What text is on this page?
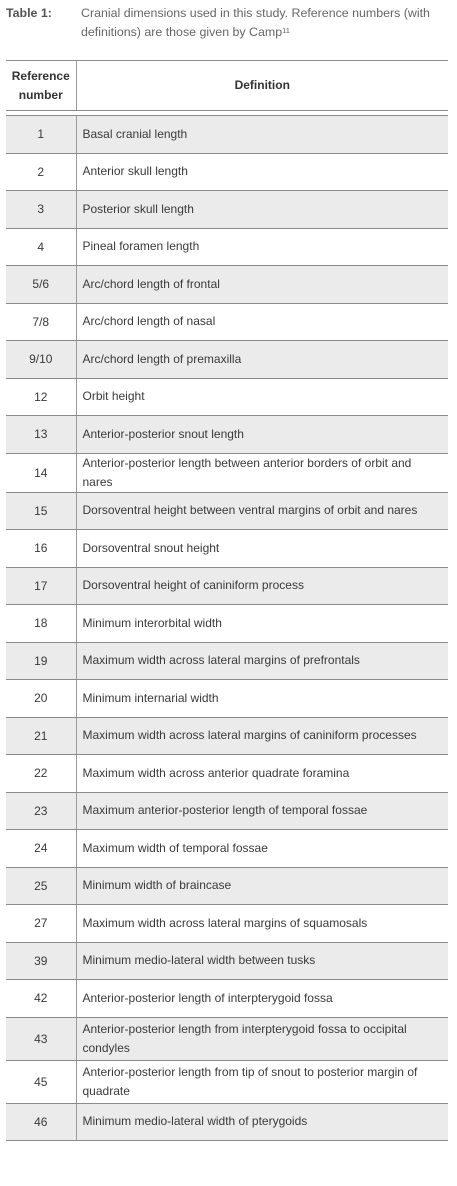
Table 1: Cranial dimensions used in this study. Reference numbers (with definitions) are those given by Camp$^{11}$
Reference number	Definition

1	Basal cranial length
2	Anterior skull length
3	Posterior skull length
4	Pineal foramen length
5/6	Arc/chord length of frontal
7/8	Arc/chord length of nasal
9/10	Arc/chord length of premaxilla
12	Orbit height
13	Anterior-posterior snout length
14	Anterior-posterior length between anterior borders of orbit and nares
15	Dorsoventral height between ventral margins of orbit and nares
16	Dorsoventral snout height
17	Dorsoventral height of caniniform process
18	Minimum interorbital width
19	Maximum width across lateral margins of prefrontals
20	Minimum internarial width
21	Maximum width across lateral margins of caniniform processes
22	Maximum width across anterior quadrate foramina
23	Maximum anterior-posterior length of temporal fossae
24	Maximum width of temporal fossae
25	Minimum width of braincase
27	Maximum width across lateral margins of squamosals
39	Minimum medio-lateral width between tusks
42	Anterior-posterior length of interpterygoid fossa
43	Anterior-posterior length from interpterygoid fossa to occipital condyles
45	Anterior-posterior length from tip of snout to posterior margin of quadrate
46	Minimum medio-lateral width of pterygoids
